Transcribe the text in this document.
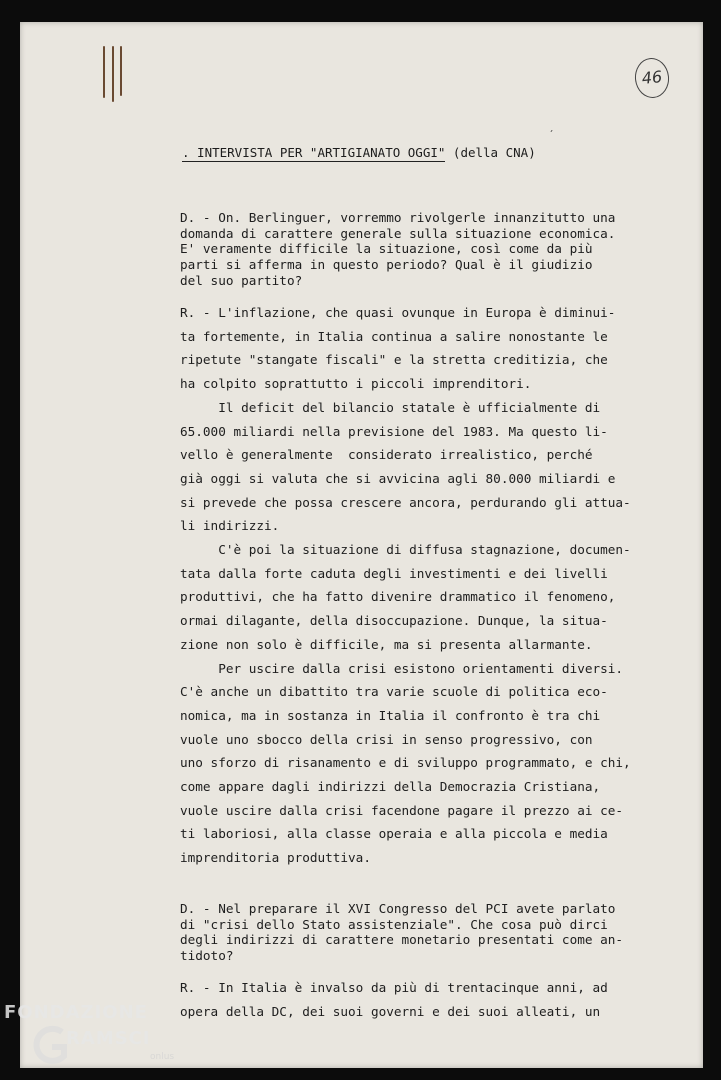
46
. INTERVISTA PER "ARTIGIANATO OGGI" (della CNA)
ˊ
D. - On. Berlinguer, vorremmo rivolgerle innanzitutto una
domanda di carattere generale sulla situazione economica.
E' veramente difficile la situazione, così come da più
parti si afferma in questo periodo? Qual è il giudizio
del suo partito?
R. - L'inflazione, che quasi ovunque in Europa è diminui-
ta fortemente, in Italia continua a salire nonostante le
ripetute "stangate fiscali" e la stretta creditizia, che
ha colpito soprattutto i piccoli imprenditori.
Il deficit del bilancio statale è ufficialmente di
65.000 miliardi nella previsione del 1983. Ma questo li-
vello è generalmente  considerato irrealistico, perché
già oggi si valuta che si avvicina agli 80.000 miliardi e
si prevede che possa crescere ancora, perdurando gli attua-
li indirizzi.
C'è poi la situazione di diffusa stagnazione, documen-
tata dalla forte caduta degli investimenti e dei livelli
produttivi, che ha fatto divenire drammatico il fenomeno,
ormai dilagante, della disoccupazione. Dunque, la situa-
zione non solo è difficile, ma si presenta allarmante.
Per uscire dalla crisi esistono orientamenti diversi.
C'è anche un dibattito tra varie scuole di politica eco-
nomica, ma in sostanza in Italia il confronto è tra chi
vuole uno sbocco della crisi in senso progressivo, con
uno sforzo di risanamento e di sviluppo programmato, e chi,
come appare dagli indirizzi della Democrazia Cristiana,
vuole uscire dalla crisi facendone pagare il prezzo ai ce-
ti laboriosi, alla classe operaia e alla piccola e media
imprenditoria produttiva.
D. - Nel preparare il XVI Congresso del PCI avete parlato
di "crisi dello Stato assistenziale". Che cosa può dirci
degli indirizzi di carattere monetario presentati come an-
tidoto?
R. - In Italia è invalso da più di trentacinque anni, ad
opera della DC, dei suoi governi e dei suoi alleati, un
FONDAZIONE
RAMSCI
onlus
